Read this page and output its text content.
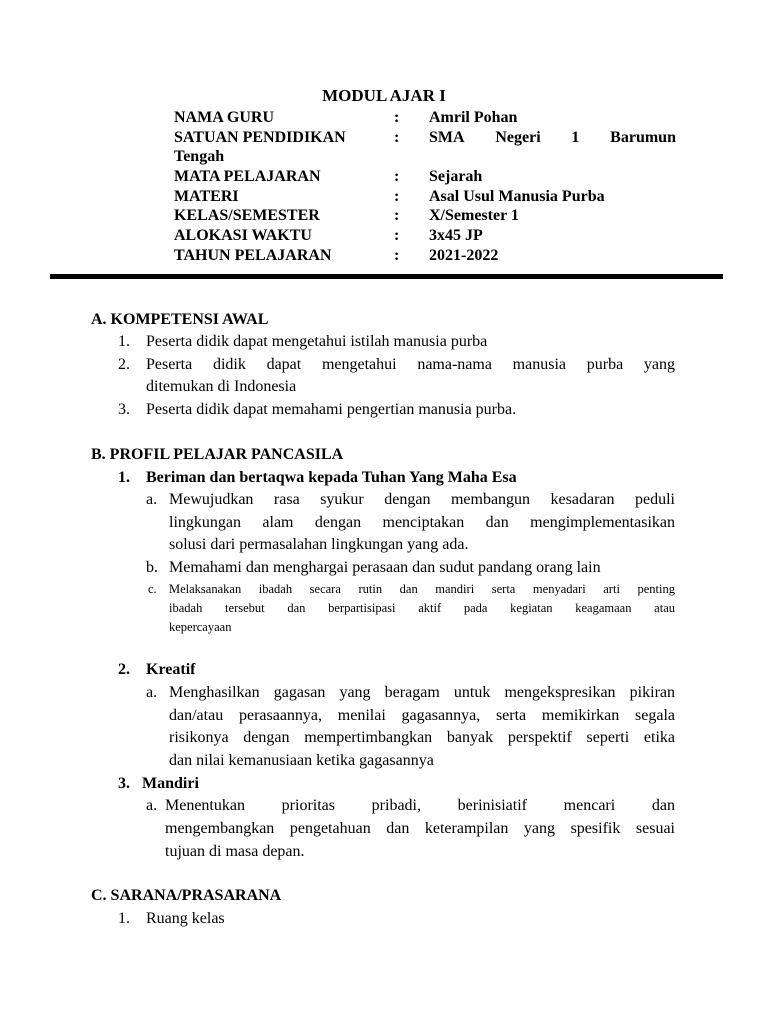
MODUL AJAR I
NAMA GURU	:	Amril Pohan
SATUAN PENDIDIKAN	:	SMA Negeri 1 Barumun
Tengah
MATA PELAJARAN	:	Sejarah
MATERI	:	Asal Usul Manusia Purba
KELAS/SEMESTER	:	X/Semester 1
ALOKASI WAKTU	:	3x45 JP
TAHUN PELAJARAN	:	2021-2022
A. KOMPETENSI AWAL
1. Peserta didik dapat mengetahui istilah manusia purba
2. Peserta didik dapat mengetahui nama-nama manusia purba yang
ditemukan di Indonesia
3. Peserta didik dapat memahami pengertian manusia purba.
B. PROFIL PELAJAR PANCASILA
1. Beriman dan bertaqwa kepada Tuhan Yang Maha Esa
a. Mewujudkan rasa syukur dengan membangun kesadaran peduli
lingkungan alam dengan menciptakan dan mengimplementasikan
solusi dari permasalahan lingkungan yang ada.
b. Memahami dan menghargai perasaan dan sudut pandang orang lain
c. Melaksanakan ibadah secara rutin dan mandiri serta menyadari arti penting
ibadah tersebut dan berpartisipasi aktif pada kegiatan keagamaan atau
kepercayaan
2. Kreatif
a. Menghasilkan gagasan yang beragam untuk mengekspresikan pikiran
dan/atau perasaannya, menilai gagasannya, serta memikirkan segala
risikonya dengan mempertimbangkan banyak perspektif seperti etika
dan nilai kemanusiaan ketika gagasannya
3. Mandiri
a. Menentukan prioritas pribadi, berinisiatif mencari dan
mengembangkan pengetahuan dan keterampilan yang spesifik sesuai
tujuan di masa depan.
C. SARANA/PRASARANA
1. Ruang kelas
